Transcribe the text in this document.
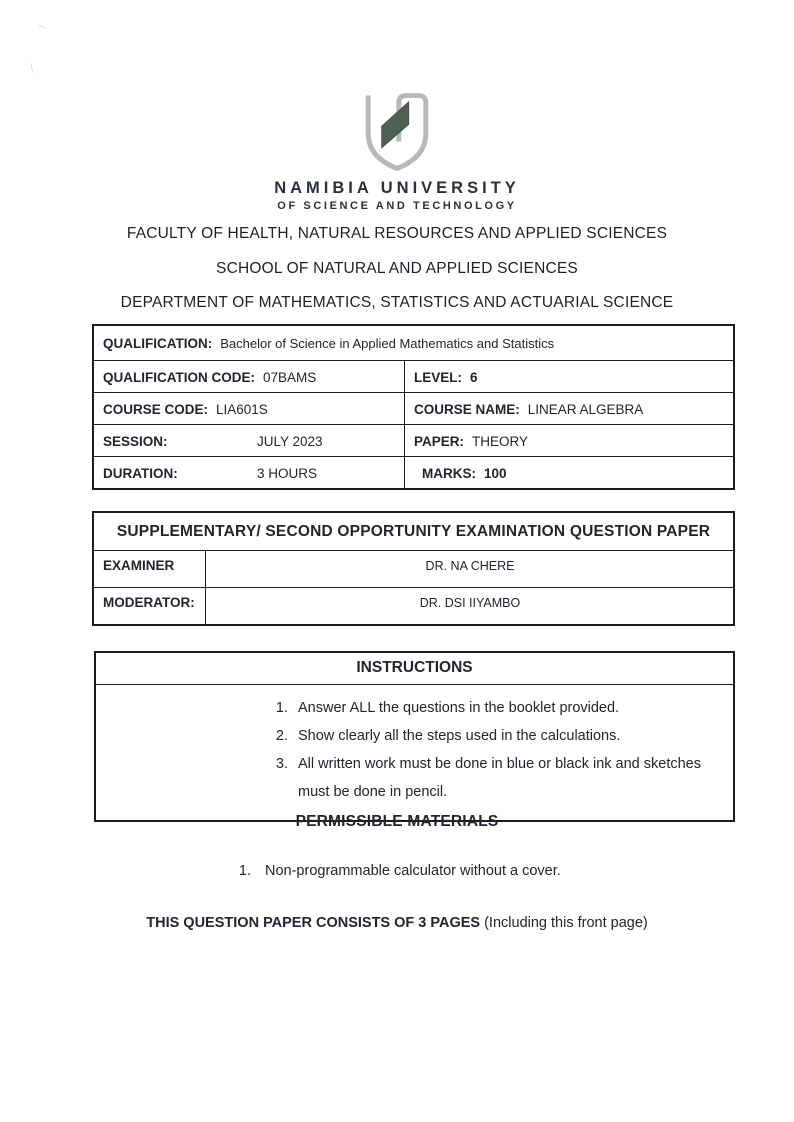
NAMIBIA UNIVERSITY
OF SCIENCE AND TECHNOLOGY
FACULTY OF HEALTH, NATURAL RESOURCES AND APPLIED SCIENCES
SCHOOL OF NATURAL AND APPLIED SCIENCES
DEPARTMENT OF MATHEMATICS, STATISTICS AND ACTUARIAL SCIENCE
QUALIFICATION: Bachelor of Science in Applied Mathematics and Statistics
QUALIFICATION CODE: 07BAMS	LEVEL: 6
COURSE CODE: LIA601S	COURSE NAME: LINEAR ALGEBRA
SESSION:	JULY 2023	PAPER: THEORY
DURATION:	3 HOURS	MARKS: 100
SUPPLEMENTARY/ SECOND OPPORTUNITY EXAMINATION QUESTION PAPER
EXAMINER	DR. NA CHERE
MODERATOR:	DR. DSI IIYAMBO
INSTRUCTIONS
1. Answer ALL the questions in the booklet provided.
2. Show clearly all the steps used in the calculations.
3. All written work must be done in blue or black ink and sketches must be done in pencil.
PERMISSIBLE MATERIALS
1. Non-programmable calculator without a cover.
THIS QUESTION PAPER CONSISTS OF 3 PAGES (Including this front page)
